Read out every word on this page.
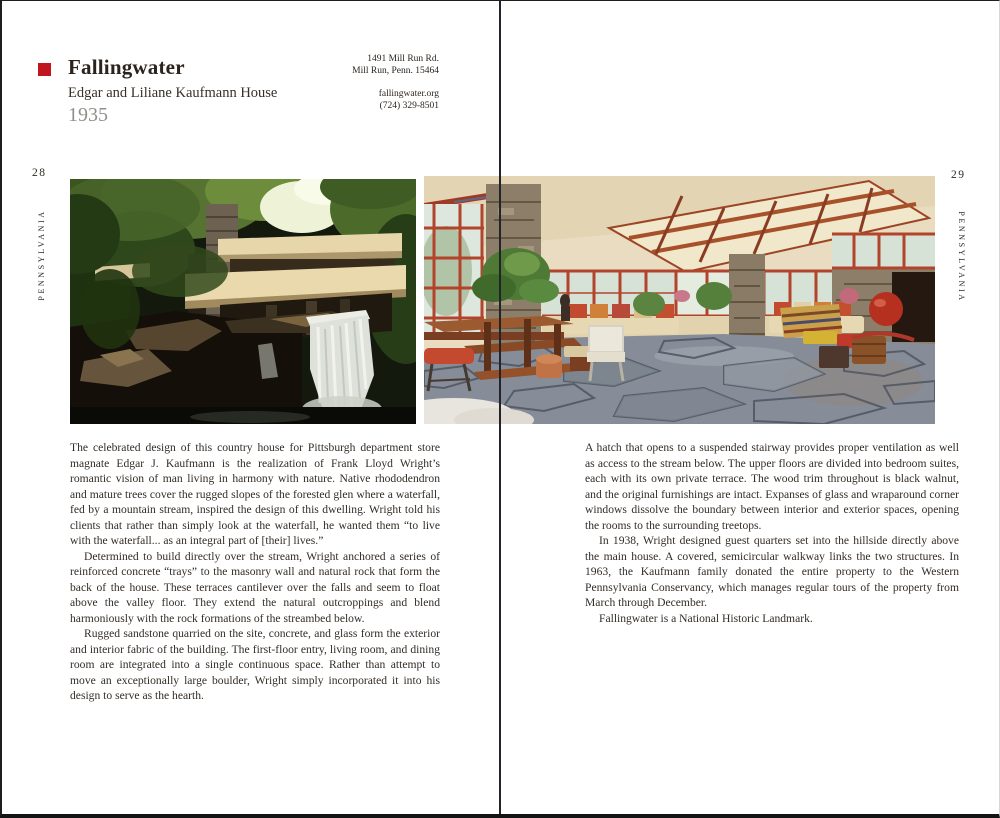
Fallingwater
Edgar and Liliane Kaufmann House
1935
1491 Mill Run Rd.
Mill Run, Penn. 15464
fallingwater.org
(724) 329-8501
28
PENNSYLVANIA

The celebrated design of this country house for Pittsburgh department store magnate Edgar J. Kaufmann is the realization of Frank Lloyd Wright’s romantic vision of man living in harmony with nature. Native rhododendron and mature trees cover the rugged slopes of the forested glen where a waterfall, fed by a mountain stream, inspired the design of this dwelling. Wright told his clients that rather than simply look at the waterfall, he wanted them “to live with the waterfall... as an integral part of [their] lives.”

Determined to build directly over the stream, Wright anchored a series of reinforced concrete “trays” to the masonry wall and natural rock that form the back of the house. These terraces cantilever over the falls and seem to float above the valley floor. They extend the natural outcroppings and blend harmoniously with the rock formations of the streambed below.

Rugged sandstone quarried on the site, concrete, and glass form the exterior and interior fabric of the building. The first-floor entry, living room, and dining room are integrated into a single continuous space. Rather than attempt to move an exceptionally large boulder, Wright simply incorporated it into his design to serve as the hearth.

29
PENNSYLVANIA

A hatch that opens to a suspended stairway provides proper ventilation as well as access to the stream below. The upper floors are divided into bedroom suites, each with its own private terrace. The wood trim throughout is black walnut, and the original furnishings are intact. Expanses of glass and wraparound corner windows dissolve the boundary between interior and exterior spaces, opening the rooms to the surrounding treetops.

In 1938, Wright designed guest quarters set into the hillside directly above the main house. A covered, semicircular walkway links the two structures. In 1963, the Kaufmann family donated the entire property to the Western Pennsylvania Conservancy, which manages regular tours of the property from March through December.

Fallingwater is a National Historic Landmark.
